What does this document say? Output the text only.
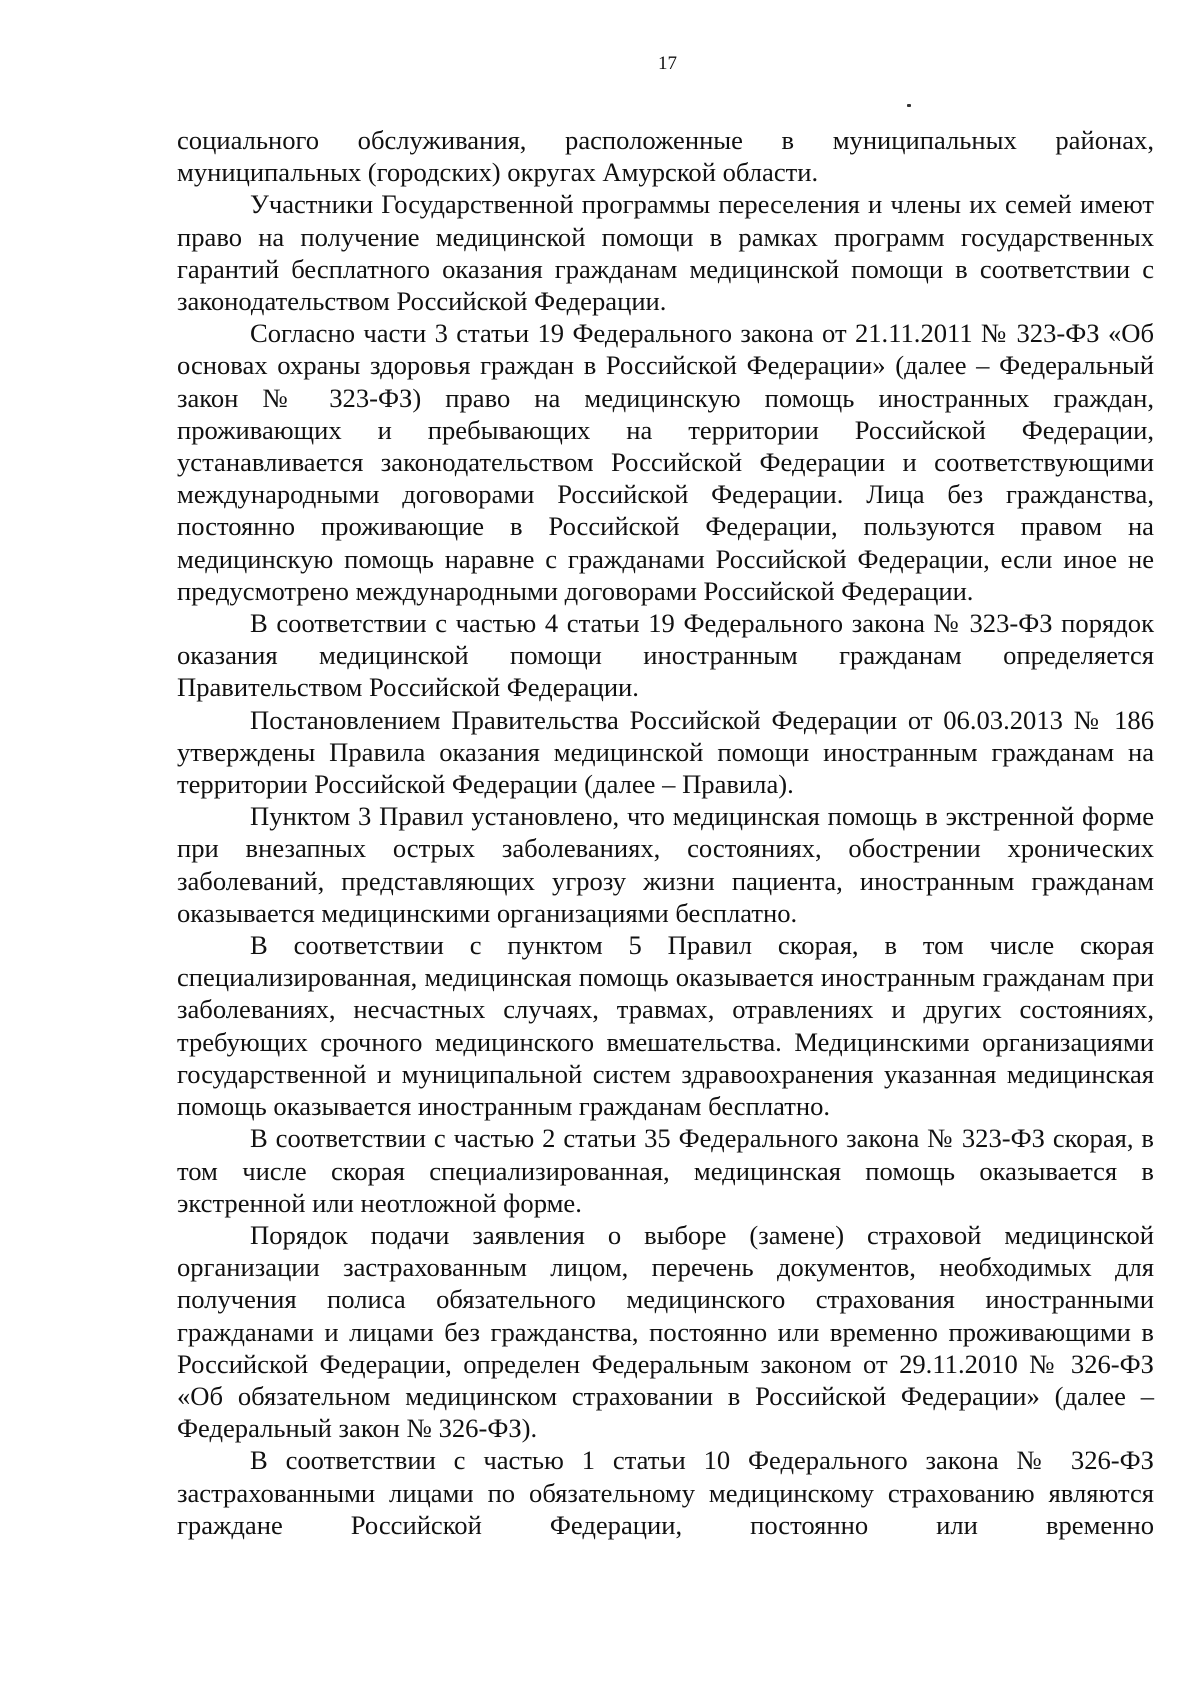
17

социального обслуживания, расположенные в муниципальных районах, муниципальных (городских) округах Амурской области.

Участники Государственной программы переселения и члены их семей имеют право на получение медицинской помощи в рамках программ государственных гарантий бесплатного оказания гражданам медицинской помощи в соответствии с законодательством Российской Федерации.

Согласно части 3 статьи 19 Федерального закона от 21.11.2011 № 323-ФЗ «Об основах охраны здоровья граждан в Российской Федерации» (далее – Федеральный закон № 323-ФЗ) право на медицинскую помощь иностранных граждан, проживающих и пребывающих на территории Российской Федерации, устанавливается законодательством Российской Федерации и соответствующими международными договорами Российской Федерации. Лица без гражданства, постоянно проживающие в Российской Федерации, пользуются правом на медицинскую помощь наравне с гражданами Российской Федерации, если иное не предусмотрено международными договорами Российской Федерации.

В соответствии с частью 4 статьи 19 Федерального закона № 323-ФЗ порядок оказания медицинской помощи иностранным гражданам определяется Правительством Российской Федерации.

Постановлением Правительства Российской Федерации от 06.03.2013 № 186 утверждены Правила оказания медицинской помощи иностранным гражданам на территории Российской Федерации (далее – Правила).

Пунктом 3 Правил установлено, что медицинская помощь в экстренной форме при внезапных острых заболеваниях, состояниях, обострении хронических заболеваний, представляющих угрозу жизни пациента, иностранным гражданам оказывается медицинскими организациями бесплатно.

В соответствии с пунктом 5 Правил скорая, в том числе скорая специализированная, медицинская помощь оказывается иностранным гражданам при заболеваниях, несчастных случаях, травмах, отравлениях и других состояниях, требующих срочного медицинского вмешательства. Медицинскими организациями государственной и муниципальной систем здравоохранения указанная медицинская помощь оказывается иностранным гражданам бесплатно.

В соответствии с частью 2 статьи 35 Федерального закона № 323-ФЗ скорая, в том числе скорая специализированная, медицинская помощь оказывается в экстренной или неотложной форме.

Порядок подачи заявления о выборе (замене) страховой медицинской организации застрахованным лицом, перечень документов, необходимых для получения полиса обязательного медицинского страхования иностранными гражданами и лицами без гражданства, постоянно или временно проживающими в Российской Федерации, определен Федеральным законом от 29.11.2010 № 326-ФЗ «Об обязательном медицинском страховании в Российской Федерации» (далее – Федеральный закон № 326-ФЗ).

В соответствии с частью 1 статьи 10 Федерального закона № 326-ФЗ застрахованными лицами по обязательному медицинскому страхованию являются граждане Российской Федерации, постоянно или временно
